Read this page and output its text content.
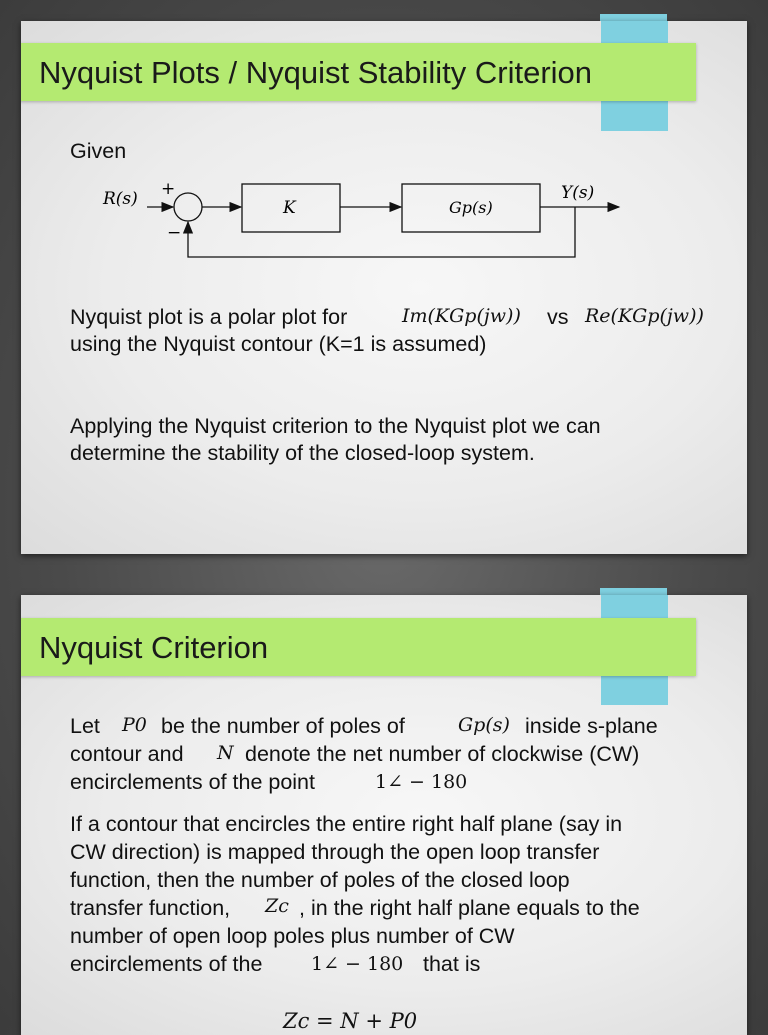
Nyquist Plots / Nyquist Stability Criterion
Given
R(s) +
−
K	Gp(s)
Y(s)
Nyquist plot is a polar plot for	Im(KGp(jw)) vs Re(KGp(jw))
using the Nyquist contour (K=1 is assumed)
Applying the Nyquist criterion to the Nyquist plot we can
determine the stability of the closed-loop system.
Nyquist Criterion
Let P0 be the number of poles of	Gp(s) inside s-plane
contour and N denote the net number of clockwise (CW)
encirclements of the point	1∠ − 180
If a contour that encircles the entire right half plane (say in
CW direction) is mapped through the open loop transfer
function, then the number of poles of the closed loop
transfer function, Zc , in the right half plane equals to the
number of open loop poles plus number of CW
encirclements of the	1∠ − 180 that is
Zc = N + P0
